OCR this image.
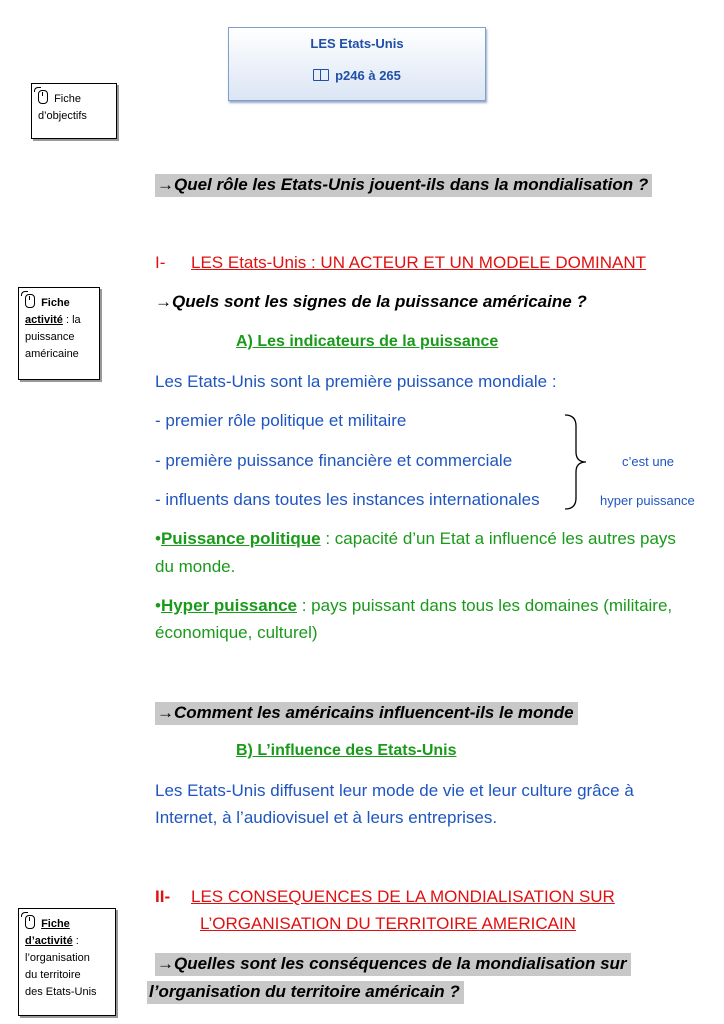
LES Etats-Unis
p246 à 265
Fiche
d’objectifs
Fiche
activité : la
puissance
américaine
Fiche
d’activité :
l’organisation
du territoire
des Etats-Unis
→Quel rôle les Etats-Unis jouent-ils dans la mondialisation ?
I- LES Etats-Unis : UN ACTEUR ET UN MODELE DOMINANT
→Quels sont les signes de la puissance américaine ?
A) Les indicateurs de la puissance
Les Etats-Unis sont la première puissance mondiale :
- premier rôle politique et militaire
- première puissance financière et commerciale
- influents dans toutes les instances internationales
c’est une
hyper puissance
•Puissance politique : capacité d’un Etat a influencé les autres pays
du monde.
•Hyper puissance : pays puissant dans tous les domaines (militaire,
économique, culturel)
→Comment les américains influencent-ils le monde
B) L’influence des Etats-Unis
Les Etats-Unis diffusent leur mode de vie et leur culture grâce à
Internet, à l’audiovisuel et à leurs entreprises.
II- LES CONSEQUENCES DE LA MONDIALISATION SUR
L’ORGANISATION DU TERRITOIRE AMERICAIN
→Quelles sont les conséquences de la mondialisation sur
l’organisation du territoire américain ?
